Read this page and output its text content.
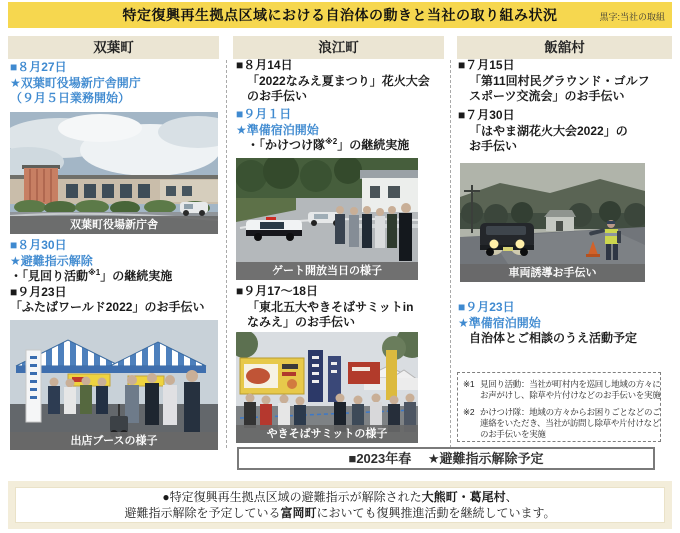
特定復興再生拠点区域における自治体の動きと当社の取り組み状況	黒字:当社の取組
双葉町	浪江町	飯舘村
■８月27日
★双葉町役場新庁舎開庁
（９月５日業務開始）
双葉町役場新庁舎
■８月30日
★避難指示解除
・「見回り活動$^{※1}$」の継続実施
■９月23日
「ふたばワールド2022」のお手伝い
出店ブースの様子
■８月14日
「2022なみえ夏まつり」花火大会
のお手伝い
■９月１日
★準備宿泊開始
・「かけつけ隊$^{※2}$」の継続実施
ゲート開放当日の様子
■９月17～18日
「東北五大やきそばサミットin
なみえ」のお手伝い
やきそばサミットの様子
■７月15日
「第11回村民グラウンド・ゴルフ
スポーツ交流会」のお手伝い
■７月30日
「はやま湖花火大会2022」の
お手伝い
車両誘導お手伝い
■９月23日
★準備宿泊開始
自治体とご相談のうえ活動予定
※1 見回り活動：当社が町村内を巡回し地域の方々に
お声がけし、除草や片付けなどのお手伝いを実施
※2 かけつけ隊：地域の方々からお困りごとなどのご
連絡をいただき、当社が訪問し除草や片付けなど
のお手伝いを実施
■2023年春　 ★避難指示解除予定
●特定復興再生拠点区域の避難指示が解除された大熊町・葛尾村、
避難指示解除を予定している富岡町においても復興推進活動を継続しています。
